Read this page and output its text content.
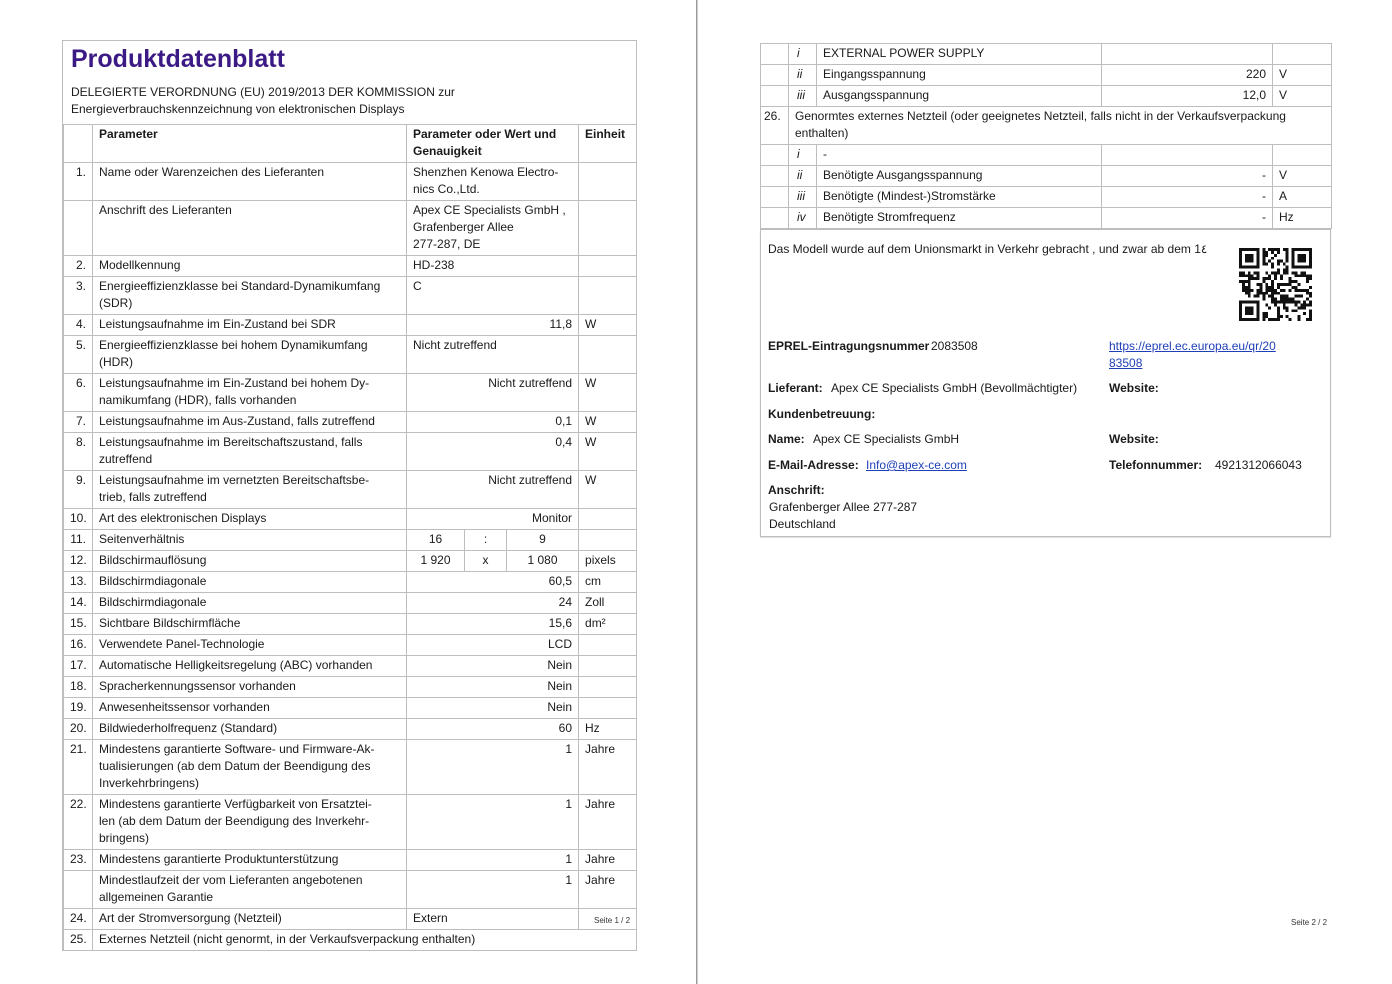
Produktdatenblatt
DELEGIERTE VERORDNUNG (EU) 2019/2013 DER KOMMISSION zur
Energieverbrauchskennzeichnung von elektronischen Displays
	Parameter	Parameter oder Wert und
Genauigkeit			Einheit
1.	Name oder Warenzeichen des Lieferanten	Shenzhen Kenowa Electro-
nics Co.,Ltd.			

	Anschrift des Lieferanten	Apex CE Specialists GmbH ,
Grafenberger Allee
277-287, DE			

2.	Modellkennung	HD-238			

3.	Energieeffizienzklasse bei Standard-Dynamikumfang
(SDR)	C			

4.	Leistungsaufnahme im Ein-Zustand bei SDR	11,8			W
5.	Energieeffizienzklasse bei hohem Dynamikumfang
(HDR)	Nicht zutreffend			

6.	Leistungsaufnahme im Ein-Zustand bei hohem Dy-
namikumfang (HDR), falls vorhanden	Nicht zutreffend			W
7.	Leistungsaufnahme im Aus-Zustand, falls zutreffend	0,1			W
8.	Leistungsaufnahme im Bereitschaftszustand, falls
zutreffend	0,4			W
9.	Leistungsaufnahme im vernetzten Bereitschaftsbe-
trieb, falls zutreffend	Nicht zutreffend			W
10.	Art des elektronischen Displays	Monitor			

11.	Seitenverhältnis	16	:	9	
12.	Bildschirmauflösung	1 920	x	1 080	pixels
13.	Bildschirmdiagonale	60,5			cm
14.	Bildschirmdiagonale	24			Zoll
15.	Sichtbare Bildschirmfläche	15,6			dm²
16.	Verwendete Panel-Technologie	LCD			

17.	Automatische Helligkeitsregelung (ABC) vorhanden	Nein			

18.	Spracherkennungssensor vorhanden	Nein			

19.	Anwesenheitssensor vorhanden	Nein			

20.	Bildwiederholfrequenz (Standard)	60			Hz
21.	Mindestens garantierte Software- und Firmware-Ak-
tualisierungen (ab dem Datum der Beendigung des
Inverkehrbringens)	1			Jahre
22.	Mindestens garantierte Verfügbarkeit von Ersatztei-
len (ab dem Datum der Beendigung des Inverkehr-
bringens)	1			Jahre
23.	Mindestens garantierte Produktunterstützung	1			Jahre

	Mindestlaufzeit der vom Lieferanten angebotenen
allgemeinen Garantie	1			Jahre
24.	Art der Stromversorgung (Netzteil)	Extern			

25.	Externes Netzteil (nicht genormt, in der Verkaufsverpackung enthalten)				
Seite 1 / 2
	i	EXTERNAL POWER SUPPLY		
	ii	Eingangsspannung	220	V
	iii	Ausgangsspannung	12,0	V
26.	Genormtes externes Netzteil (oder geeignetes Netzteil, falls nicht in der Verkaufsverpackung
enthalten)			

	i	-		
	ii	Benötigte Ausgangsspannung	-	V
	iii	Benötigte (Mindest-)Stromstärke	-	A
	iv	Benötigte Stromfrequenz	-	Hz
Das Modell wurde auf dem Unionsmarkt in Verkehr gebracht , und zwar ab dem 1٤
EPREL-Eintragungsnummer 2083508	https://eprel.ec.europa.eu/qr/20
83508
Lieferant: Apex CE Specialists GmbH (Bevollmächtigter)	Website:
Kundenbetreuung:
Name: Apex CE Specialists GmbH	Website:
E-Mail-Adresse: Info@apex-ce.com	Telefonnummer: 4921312066043
Anschrift:
Grafenberger Allee 277-287
Deutschland
Seite 2 / 2
